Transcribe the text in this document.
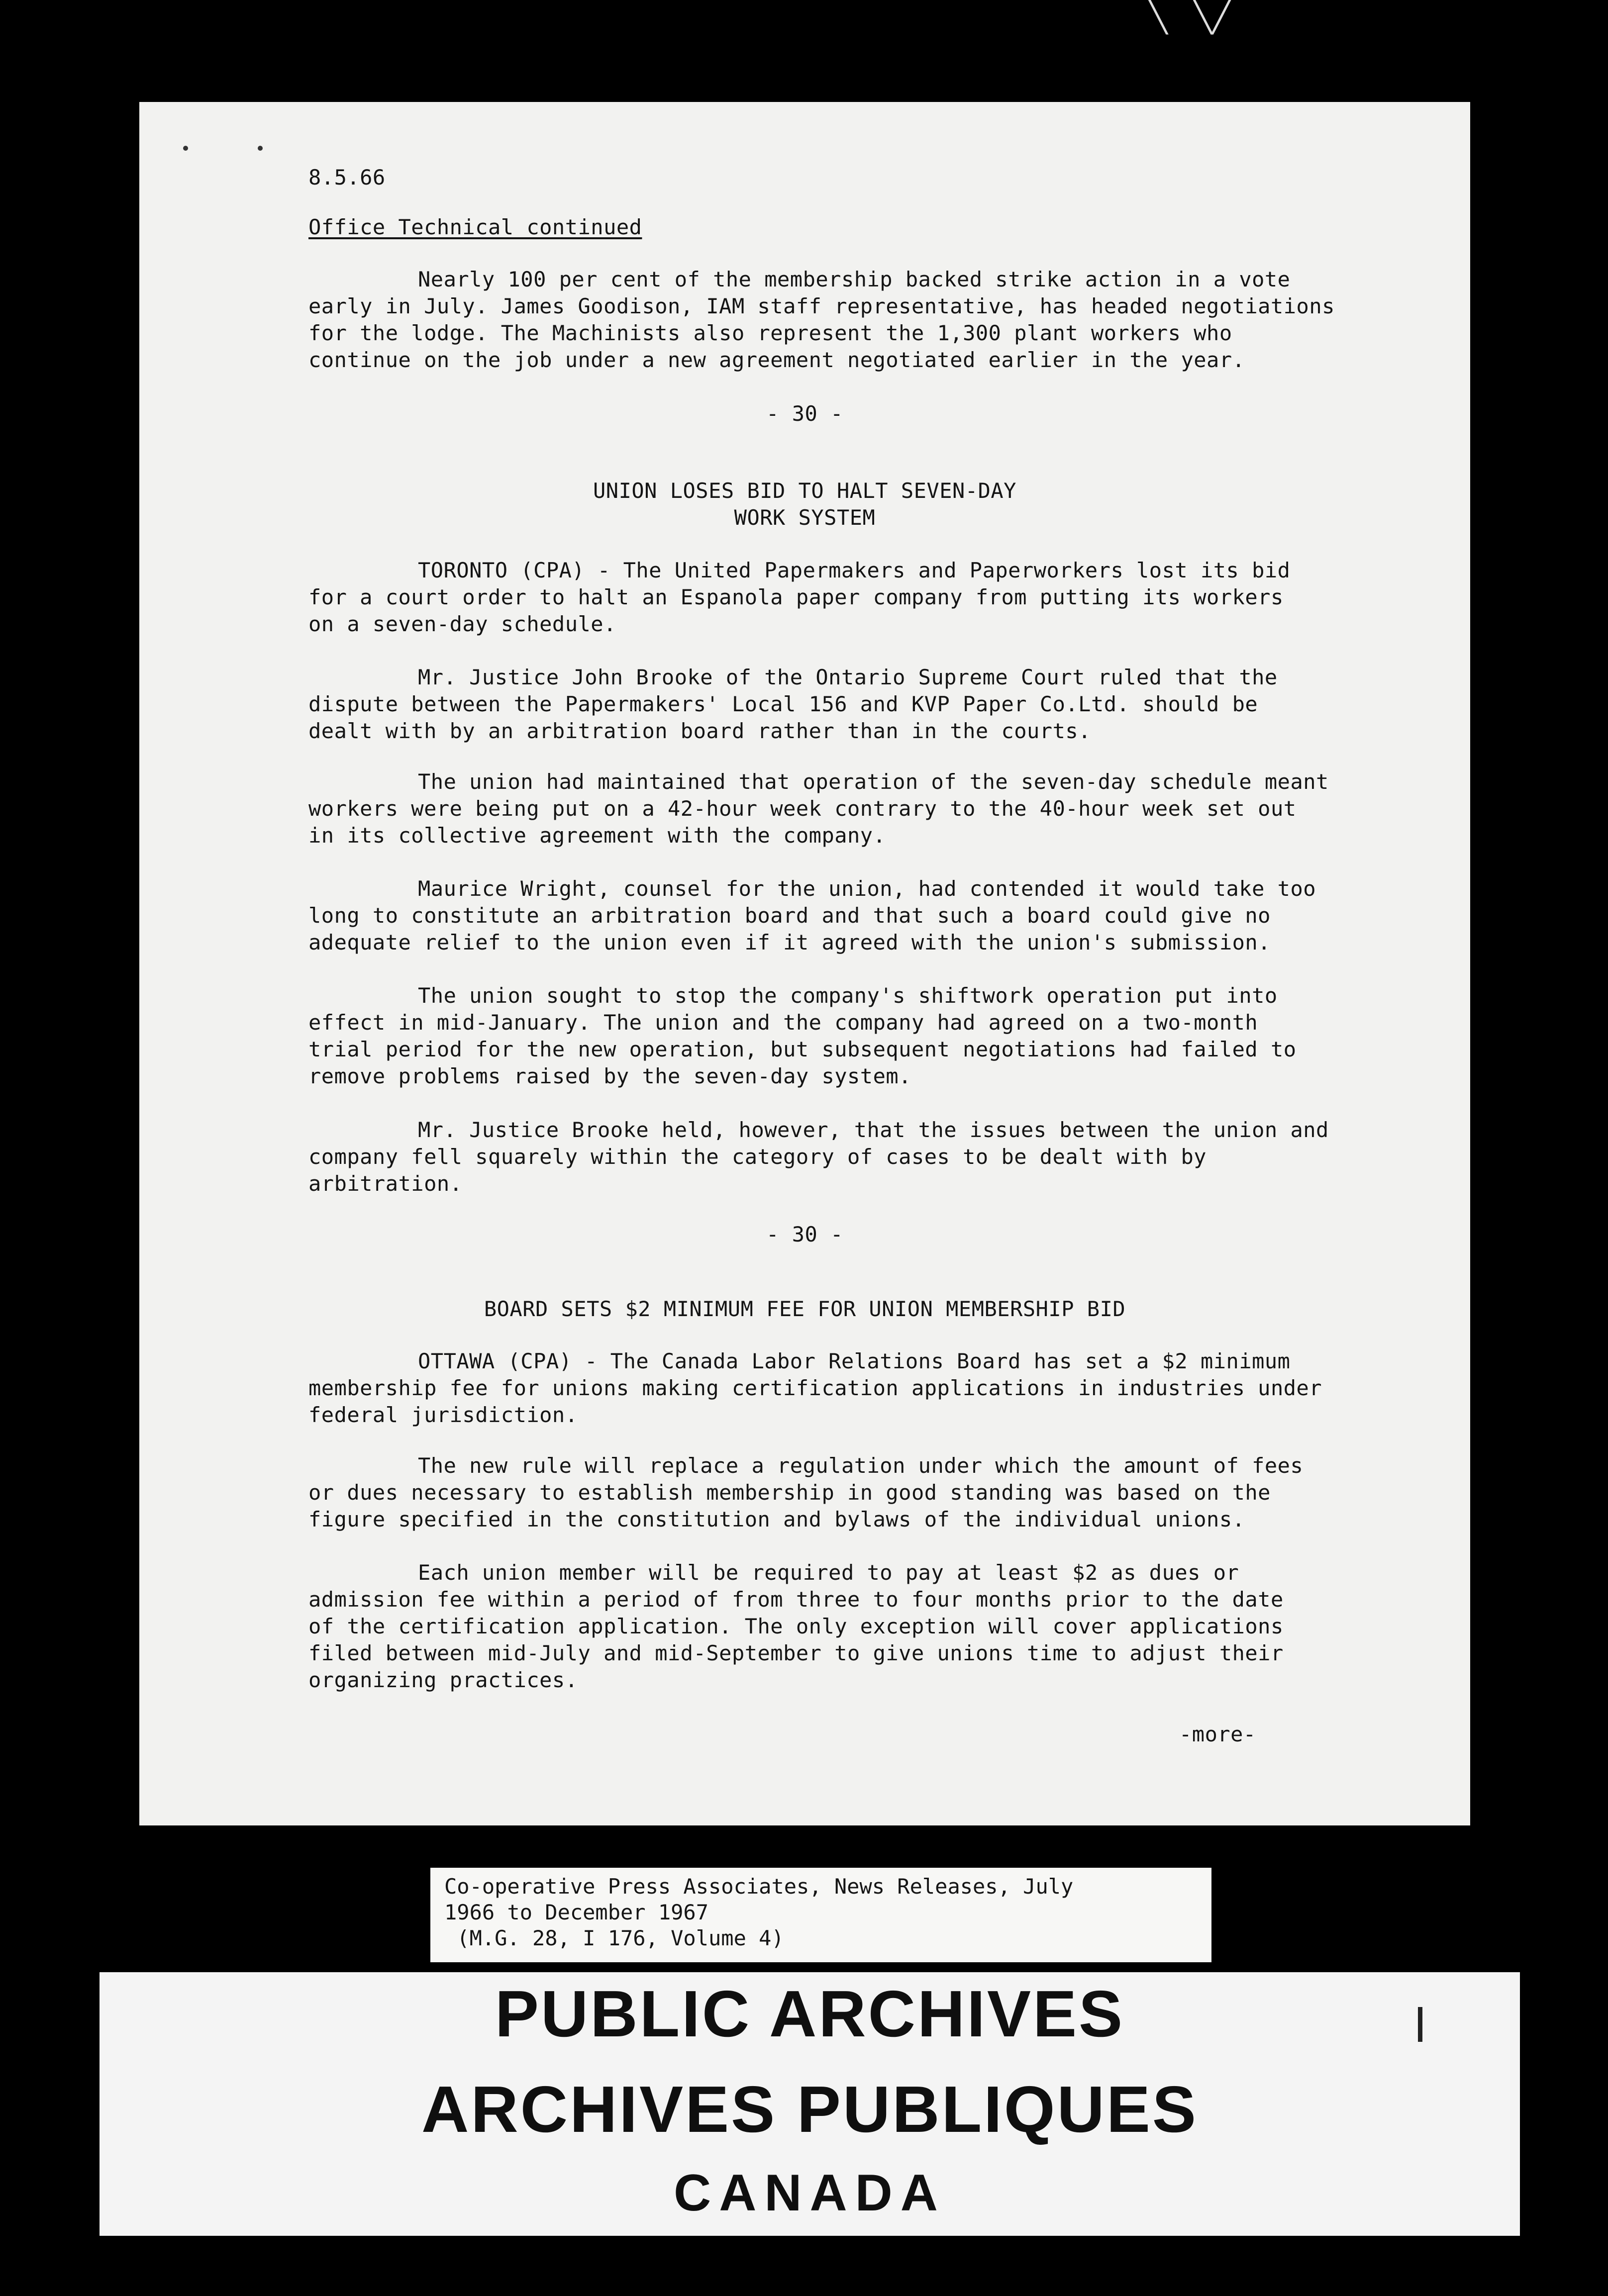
╲ ╲╱
8.5.66
Office Technical continued
Nearly 100 per cent of the membership backed strike action in a vote
early in July. James Goodison, IAM staff representative, has headed negotiations
for the lodge. The Machinists also represent the 1,300 plant workers who
continue on the job under a new agreement negotiated earlier in the year.
- 30 -
UNION LOSES BID TO HALT SEVEN-DAY
WORK SYSTEM
TORONTO (CPA) - The United Papermakers and Paperworkers lost its bid
for a court order to halt an Espanola paper company from putting its workers
on a seven-day schedule.
Mr. Justice John Brooke of the Ontario Supreme Court ruled that the
dispute between the Papermakers' Local 156 and KVP Paper Co.Ltd. should be
dealt with by an arbitration board rather than in the courts.
The union had maintained that operation of the seven-day schedule meant
workers were being put on a 42-hour week contrary to the 40-hour week set out
in its collective agreement with the company.
Maurice Wright, counsel for the union, had contended it would take too
long to constitute an arbitration board and that such a board could give no
adequate relief to the union even if it agreed with the union's submission.
The union sought to stop the company's shiftwork operation put into
effect in mid-January. The union and the company had agreed on a two-month
trial period for the new operation, but subsequent negotiations had failed to
remove problems raised by the seven-day system.
Mr. Justice Brooke held, however, that the issues between the union and
company fell squarely within the category of cases to be dealt with by
arbitration.
- 30 -
BOARD SETS $2 MINIMUM FEE FOR UNION MEMBERSHIP BID
OTTAWA (CPA) - The Canada Labor Relations Board has set a $2 minimum
membership fee for unions making certification applications in industries under
federal jurisdiction.
The new rule will replace a regulation under which the amount of fees
or dues necessary to establish membership in good standing was based on the
figure specified in the constitution and bylaws of the individual unions.
Each union member will be required to pay at least $2 as dues or
admission fee within a period of from three to four months prior to the date
of the certification application. The only exception will cover applications
filed between mid-July and mid-September to give unions time to adjust their
organizing practices.
-more-
Co-operative Press Associates, News Releases, July
1966 to December 1967
(M.G. 28, I 176, Volume 4)
PUBLIC ARCHIVES
ARCHIVES PUBLIQUES
CANADA
